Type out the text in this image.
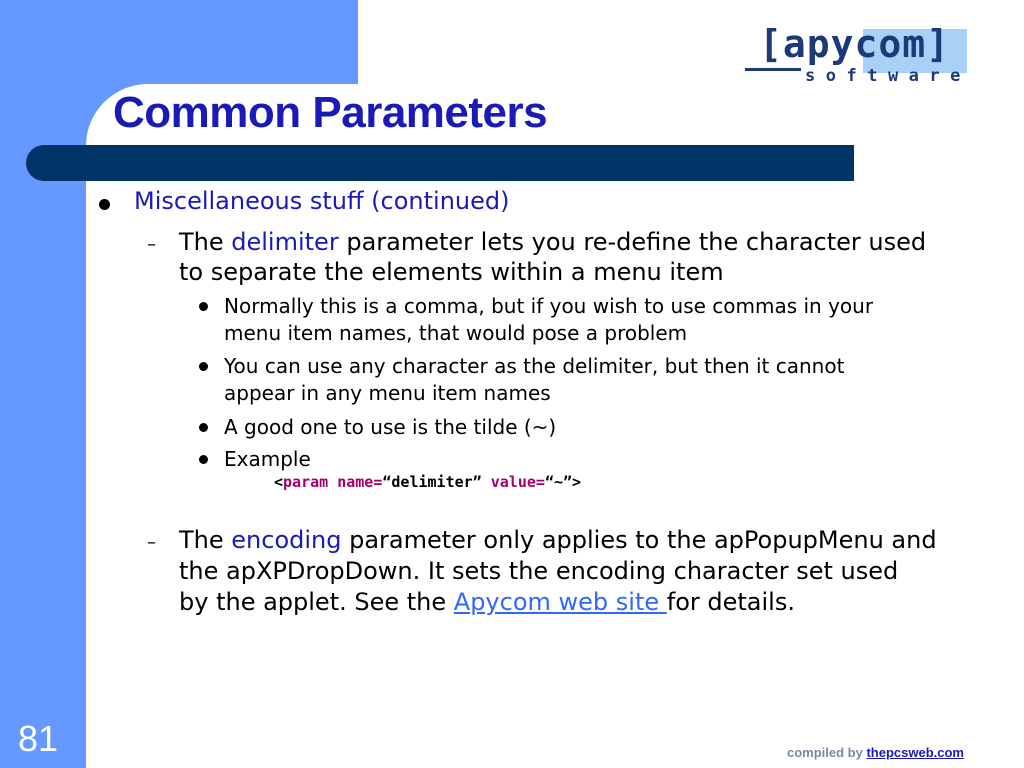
Common Parameters
[apycom]
software
Miscellaneous stuff (continued)
– The delimiter parameter lets you re-define the character used
to separate the elements within a menu item
Normally this is a comma, but if you wish to use commas in your
menu item names, that would pose a problem
You can use any character as the delimiter, but then it cannot
appear in any menu item names
A good one to use is the tilde (~)
Example
<param name=“delimiter” value=“~”>
– The encoding parameter only applies to the apPopupMenu and
the apXPDropDown. It sets the encoding character set used
by the applet. See the Apycom web site for details.
81	compiled by thepcsweb.com
